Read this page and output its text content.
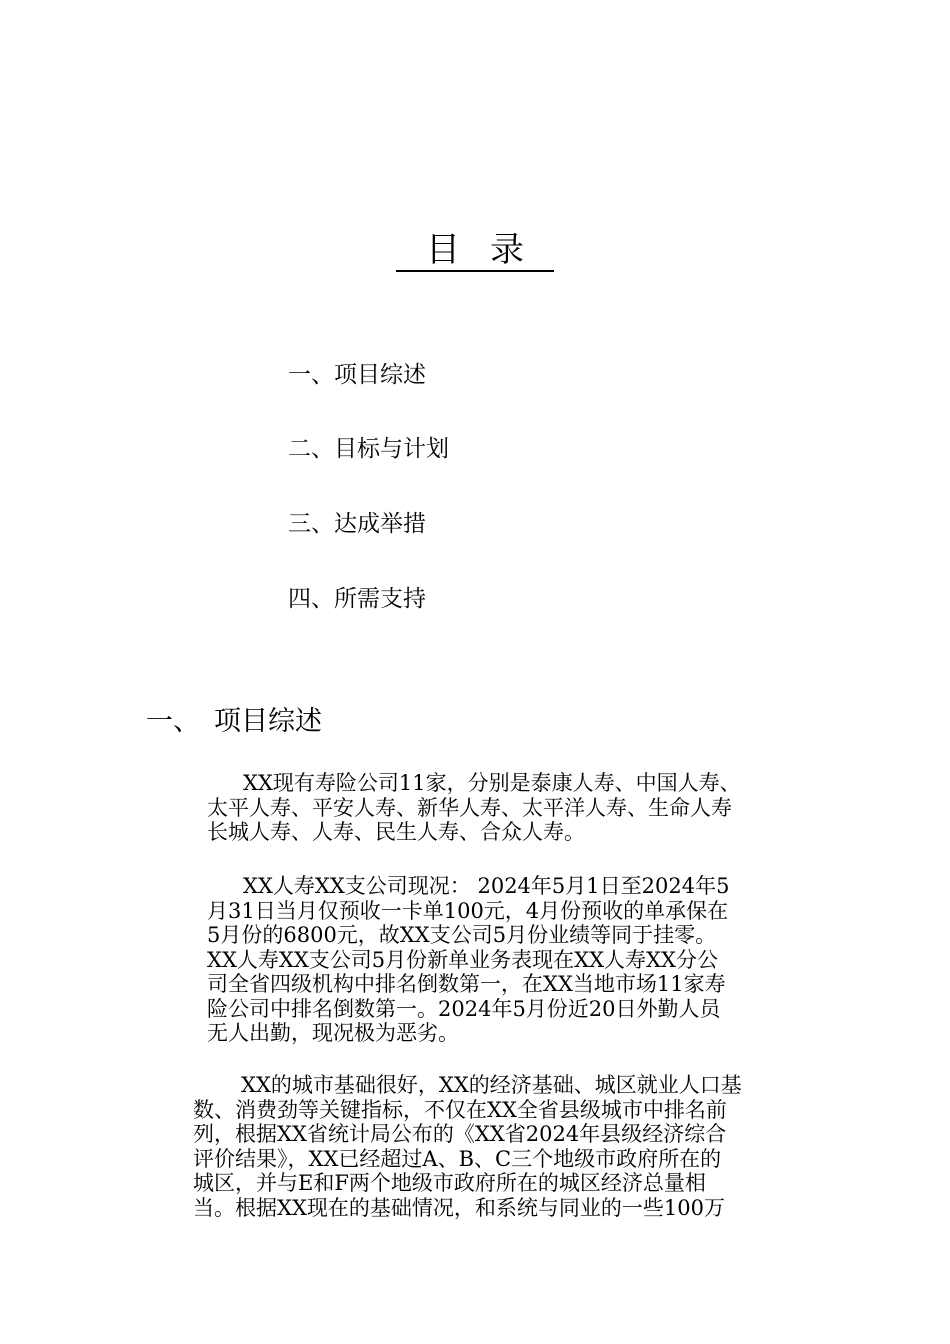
目录
一、项目综述
二、目标与计划
三、达成举措
四、所需支持
一、 项目综述
XX现有寿险公司11家，分别是泰康人寿、中国人寿、
太平人寿、平安人寿、新华人寿、太平洋人寿、生命人寿
长城人寿、人寿、民生人寿、合众人寿。
XX人寿XX支公司现况： 2024年5月1日至2024年5
月31日当月仅预收一卡单100元，4月份预收的单承保在
5月份的6800元，故XX支公司5月份业绩等同于挂零。
XX人寿XX支公司5月份新单业务表现在XX人寿XX分公
司全省四级机构中排名倒数第一，在XX当地市场11家寿
险公司中排名倒数第一。2024年5月份近20日外勤人员
无人出勤，现况极为恶劣。
XX的城市基础很好，XX的经济基础、城区就业人口基
数、消费劲等关键指标，不仅在XX全省县级城市中排名前
列，根据XX省统计局公布的《XX省2024年县级经济综合
评价结果》，XX已经超过A、B、C三个地级市政府所在的
城区，并与E和F两个地级市政府所在的城区经济总量相
当。根据XX现在的基础情况，和系统与同业的一些100万
